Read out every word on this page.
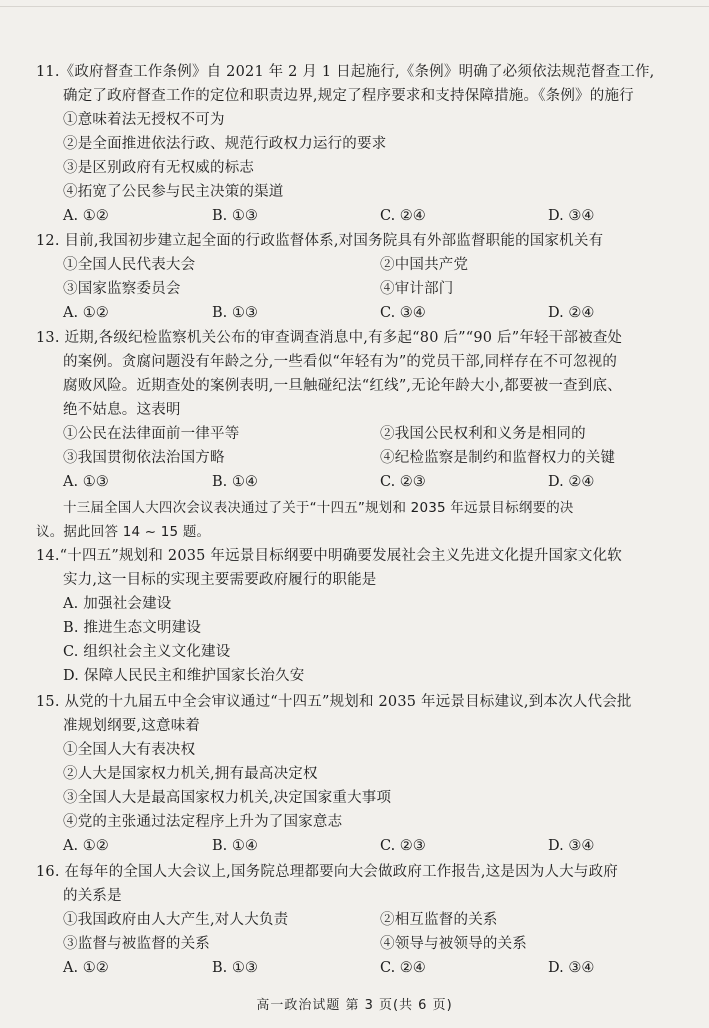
11.《政府督查工作条例》自 2021 年 2 月 1 日起施行,《条例》明确了必须依法规范督查工作,
确定了政府督查工作的定位和职责边界,规定了程序要求和支持保障措施。《条例》的施行
①意味着法无授权不可为
②是全面推进依法行政、规范行政权力运行的要求
③是区别政府有无权威的标志
④拓宽了公民参与民主决策的渠道
A. ①②	B. ①③	C. ②④	D. ③④
12. 目前,我国初步建立起全面的行政监督体系,对国务院具有外部监督职能的国家机关有
①全国人民代表大会	②中国共产党
③国家监察委员会	④审计部门
A. ①②	B. ①③	C. ③④	D. ②④
13. 近期,各级纪检监察机关公布的审查调查消息中,有多起“80 后”“90 后”年轻干部被查处
的案例。贪腐问题没有年龄之分,一些看似“年轻有为”的党员干部,同样存在不可忽视的
腐败风险。近期查处的案例表明,一旦触碰纪法“红线”,无论年龄大小,都要被一查到底、
绝不姑息。这表明
①公民在法律面前一律平等	②我国公民权利和义务是相同的
③我国贯彻依法治国方略	④纪检监察是制约和监督权力的关键
A. ①③	B. ①④	C. ②③	D. ②④
十三届全国人大四次会议表决通过了关于“十四五”规划和 2035 年远景目标纲要的决
议。据此回答 14 ~ 15 题。
14.“十四五”规划和 2035 年远景目标纲要中明确要发展社会主义先进文化提升国家文化软
实力,这一目标的实现主要需要政府履行的职能是
A. 加强社会建设
B. 推进生态文明建设
C. 组织社会主义文化建设
D. 保障人民民主和维护国家长治久安
15. 从党的十九届五中全会审议通过“十四五”规划和 2035 年远景目标建议,到本次人代会批
准规划纲要,这意味着
①全国人大有表决权
②人大是国家权力机关,拥有最高决定权
③全国人大是最高国家权力机关,决定国家重大事项
④党的主张通过法定程序上升为了国家意志
A. ①②	B. ①④	C. ②③	D. ③④
16. 在每年的全国人大会议上,国务院总理都要向大会做政府工作报告,这是因为人大与政府
的关系是
①我国政府由人大产生,对人大负责	②相互监督的关系
③监督与被监督的关系	④领导与被领导的关系
A. ①②	B. ①③	C. ②④	D. ③④
高一政治试题 第 3 页(共 6 页)
